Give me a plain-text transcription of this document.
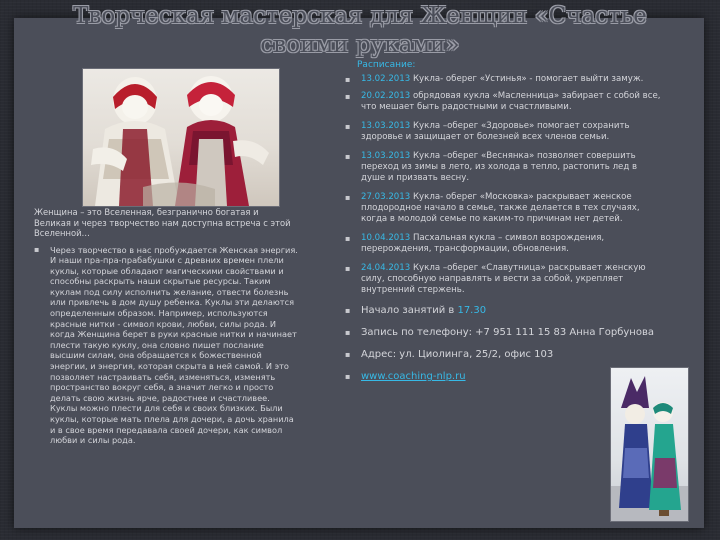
Творческая мастерская для Женщин «Счастье своими руками»

Расписание:

▪ 13.02.2013 Кукла- оберег «Устинья» - помогает выйти замуж.
▪ 20.02.2013 обрядовая кукла «Масленница» забирает с собой все, что мешает быть радостными и счастливыми.
▪ 13.03.2013 Кукла –оберег «Здоровье» помогает сохранить здоровье и защищает от болезней всех членов семьи.
▪ 13.03.2013 Кукла –оберег «Веснянка» позволяет совершить переход из зимы в лето, из холода в тепло, растопить лед в душе и призвать весну.
▪ 27.03.2013 Кукла- оберег «Московка» раскрывает женское плодородное начало в семье, также делается в тех случаях, когда в молодой семье по каким-то причинам нет детей.
▪ 10.04.2013 Пасхальная кукла – символ возрождения, перерождения, трансформации, обновления.
▪ 24.04.2013 Кукла –оберег «Славутница» раскрывает женскую силу, способную направлять и вести за собой, укрепляет внутренний стержень.
▪ Начало занятий в 17.30
▪ Запись по телефону: +7 951 111 15 83 Анна Горбунова
▪ Адрес: ул. Циолинга, 25/2, офис 103
▪ www.coaching-nlp.ru

Женщина – это Вселенная, безгранично богатая и Великая и через творчество нам доступна встреча с этой Вселенной…

▪ Через творчество в нас пробуждается Женская энергия. И наши пра-пра-прабабушки с древних времен плели куклы, которые обладают магическими свойствами и способны раскрыть наши скрытые ресурсы. Таким куклам под силу исполнить желание, отвести болезнь или привлечь в дом душу ребенка. Куклы эти делаются определенным образом. Например, используются красные нитки - символ крови, любви, силы рода. И когда Женщина берет в руки красные нитки и начинает плести такую куклу, она словно пишет послание высшим силам, она обращается к божественной энергии, и энергия, которая скрыта в ней самой. И это позволяет настраивать себя, изменяться, изменять пространство вокруг себя, а значит легко и просто делать свою жизнь ярче, радостнее и счастливее. Куклы можно плести для себя и своих близких. Были куклы, которые мать плела для дочери, а дочь хранила и в свое время передавала своей дочери, как символ любви и силы рода.
